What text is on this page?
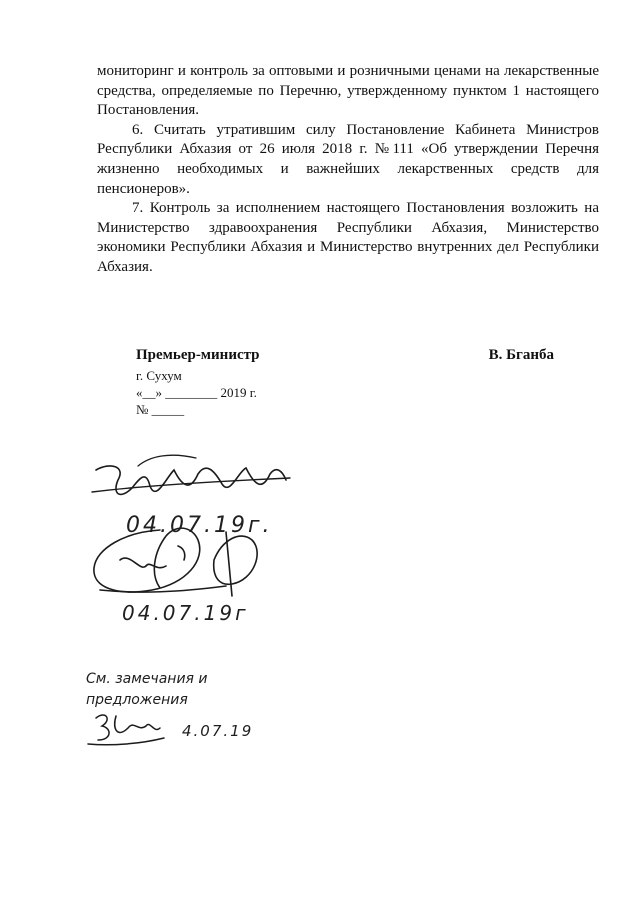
мониторинг и контроль за оптовыми и розничными ценами на лекарственные средства, определяемые по Перечню, утвержденному пунктом 1 настоящего Постановления.

6. Считать утратившим силу Постановление Кабинета Министров Республики Абхазия от 26 июля 2018 г. №111 «Об утверждении Перечня жизненно необходимых и важнейших лекарственных средств для пенсионеров».

7. Контроль за исполнением настоящего Постановления возложить на Министерство здравоохранения Республики Абхазия, Министерство экономики Республики Абхазия и Министерство внутренних дел Республики Абхазия.

Премьер-министр	В. Бганба
г. Сухум
«__» ________ 2019 г.
№ _____
04.07.19г.
04.07.19г
См. замечания и
предложения
4.07.19
